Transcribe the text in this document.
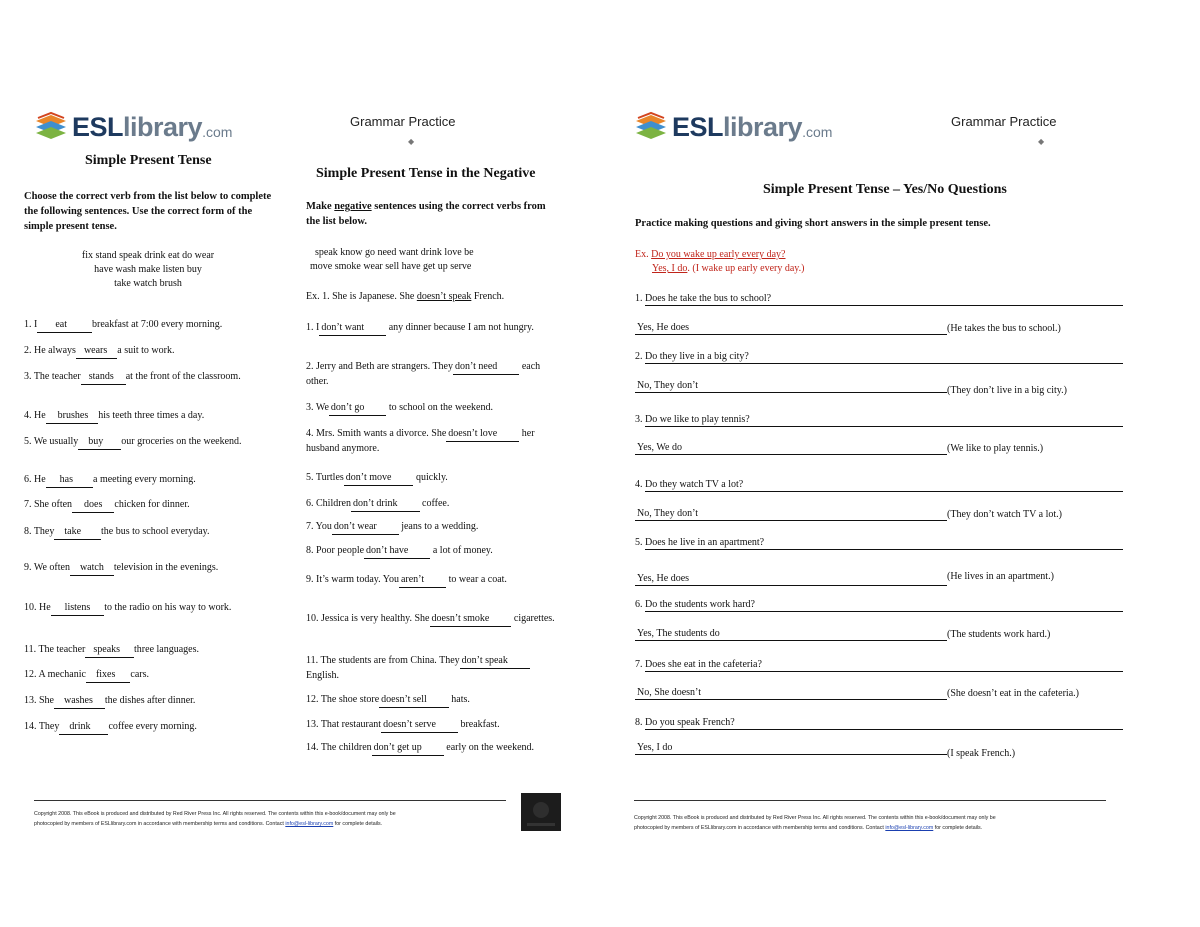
ESL library .com
Grammar Practice
◆	ESL library .com
Grammar Practice
◆
Simple Present Tense
Choose the correct verb from the list below to complete the following sentences. Use the correct form of the simple present tense.
fix stand speak drink eat do wear
have wash make listen buy
take watch brush
1. I eat	breakfast at 7:00 every morning.
2. He always wears a suit to work.
3. The teacher stands at the front of the classroom.
4. He brushes his teeth three times a day.
5. We usually buy our groceries on the weekend.
6. He has a meeting every morning.
7. She often does chicken for dinner.
8. They take the bus to school everyday.
9. We often watch television in the evenings.
10. He listens to the radio on his way to work.
11. The teacher speaks three languages.
12. A mechanic fixes cars.
13. She washes the dishes after dinner.
14. They drink coffee every morning.
Simple Present Tense in the Negative
Make negative sentences using the correct verbs from the list below.
speak know go need want drink love be
move smoke wear sell have get up serve
Ex. 1. She is Japanese. She doesn’t speak French.
1. I don’t want any dinner because I am not hungry.
2. Jerry and Beth are strangers. They don’t need each other.
3. We don’t go to school on the weekend.
4. Mrs. Smith wants a divorce. She doesn’t love her husband anymore.
5. Turtles don’t move quickly.
6. Children don’t drink coffee.
7. You don’t wear jeans to a wedding.
8. Poor people don’t have a lot of money.
9. It’s warm today. You aren’t to wear a coat.
10. Jessica is very healthy. She doesn’t smoke cigarettes.
11. The students are from China. They don’t speak English.
12. The shoe store doesn’t sell hats.
13. That restaurant doesn’t serve breakfast.
14. The children don’t get up early on the weekend.
Simple Present Tense – Yes/No Questions
Practice making questions and giving short answers in the simple present tense.
Ex. Do you wake up early every day?
Yes, I do. (I wake up early every day.)
1. Does he take the bus to school?
Yes, He does	(He takes the bus to school.)
2. Do they live in a big city?
No, They don’t	(They don’t live in a big city.)
3. Do we like to play tennis?
Yes, We do	(We like to play tennis.)
4. Do they watch TV a lot?
No, They don’t	(They don’t watch TV a lot.)
5. Does he live in an apartment?
Yes, He does	(He lives in an apartment.)
6. Do the students work hard?
Yes, The students do	(The students work hard.)
7. Does she eat in the cafeteria?
No, She doesn’t	(She doesn’t eat in the cafeteria.)
8. Do you speak French?
Yes, I do
(I speak French.)
Copyright 2008. This eBook is produced and distributed by Red River Press Inc. All rights reserved. The contents within this e-book/document may only be
photocopied by members of ESLlibrary.com in accordance with membership terms and conditions. Contact info@esl-library.com for complete details.
Copyright 2008. This eBook is produced and distributed by Red River Press Inc. All rights reserved. The contents within this e-book/document may only be
photocopied by members of ESLlibrary.com in accordance with membership terms and conditions. Contact info@esl-library.com for complete details.
